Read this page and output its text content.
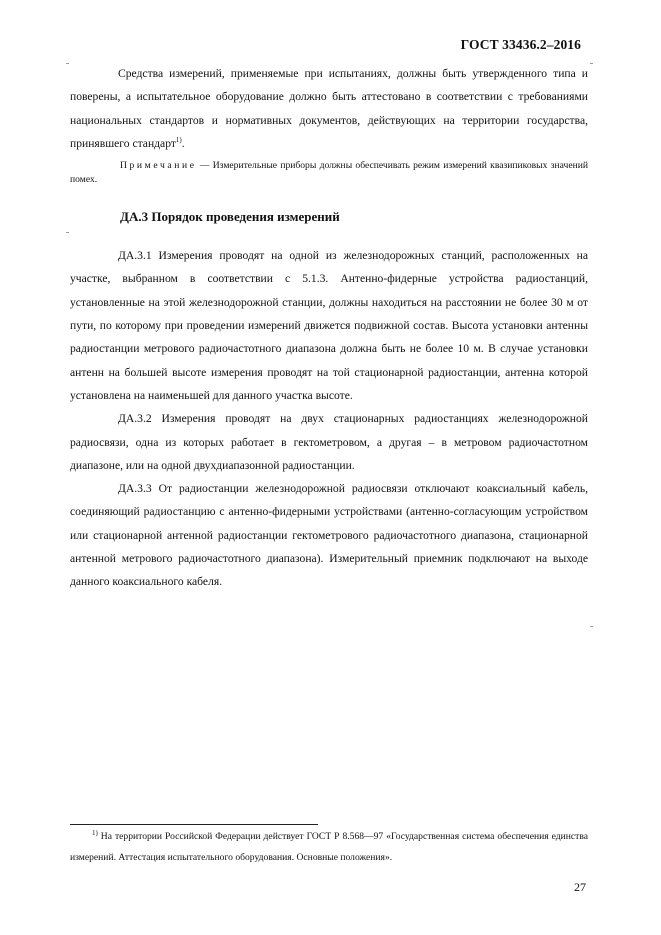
ГОСТ 33436.2–2016

Средства измерений, применяемые при испытаниях, должны быть утвержденного типа и поверены, а испытательное оборудование должно быть аттестовано в соответствии с требованиями национальных стандартов и нормативных документов, действующих на территории государства, принявшего стандарт$^{1)}$.

Примечание — Измерительные приборы должны обеспечивать режим измерений квазипиковых значений помех.

ДА.3 Порядок проведения измерений

ДА.3.1 Измерения проводят на одной из железнодорожных станций, расположенных на участке, выбранном в соответствии с 5.1.3. Антенно-фидерные устройства радиостанций, установленные на этой железнодорожной станции, должны находиться на расстоянии не более 30 м от пути, по которому при проведении измерений движется подвижной состав. Высота установки антенны радиостанции метрового радиочастотного диапазона должна быть не более 10 м. В случае установки антенн на большей высоте измерения проводят на той стационарной радиостанции, антенна которой установлена на наименьшей для данного участка высоте.

ДА.3.2 Измерения проводят на двух стационарных радиостанциях железнодорожной радиосвязи, одна из которых работает в гектометровом, а другая – в метровом радиочастотном диапазоне, или на одной двухдиапазонной радиостанции.

ДА.3.3 От радиостанции железнодорожной радиосвязи отключают коаксиальный кабель, соединяющий радиостанцию с антенно-фидерными устройствами (антенно-согласующим устройством или стационарной антенной радиостанции гектометрового радиочастотного диапазона, стационарной антенной метрового радиочастотного диапазона). Измерительный приемник подключают на выходе данного коаксиального кабеля.

$^{1)}$ На территории Российской Федерации действует ГОСТ Р 8.568—97 «Государственная система обеспечения единства измерений. Аттестация испытательного оборудования. Основные положения».

27
